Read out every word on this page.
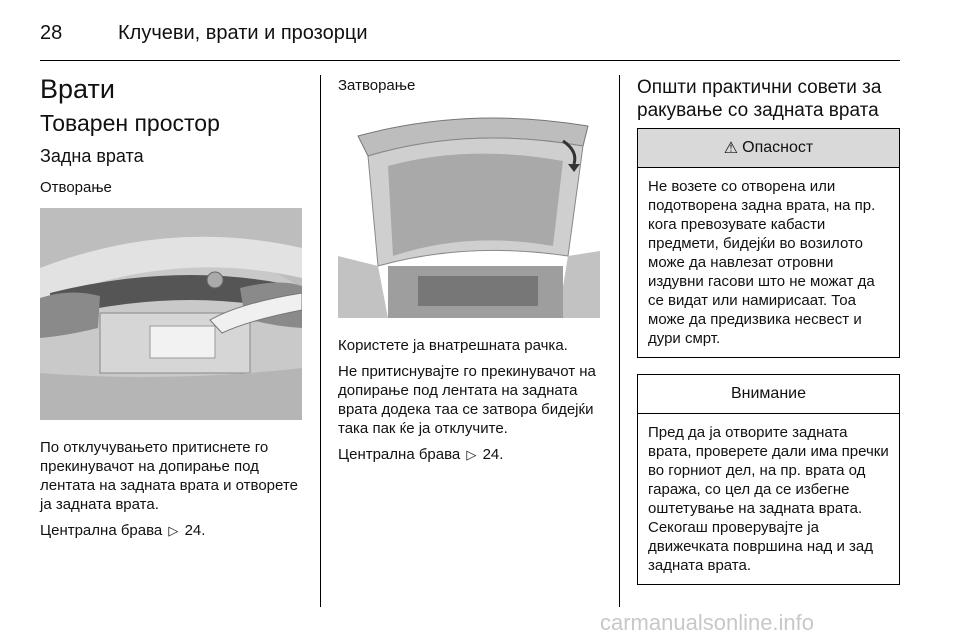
28	Клучеви, врати и прозорци
Врати
Товарен простор
Задна врата
Отворање

По отклучувањето притиснете го прекинувачот на допирање под лентата на задната врата и отворете ја задната врата.

Централна брава ▷ 24.

Затворање

Користете ја внатрешната рачка.

Не притиснувајте го прекинувачот на допирање под лентата на задната врата додека таа се затвора бидејќи така пак ќе ја отклучите.

Централна брава ▷ 24.

Општи практични совети за ракување со задната врата
⚠ Опасност
Не возете со отворена или подотворена задна врата, на пр. кога превозувате кабасти предмети, бидејќи во возилото може да навлезат отровни издувни гасови што не можат да се видат или намирисаат. Тоа може да предизвика несвест и дури смрт.
Внимание
Пред да ја отворите задната врата, проверете дали има пречки во горниот дел, на пр. врата од гаража, со цел да се избегне оштетување на задната врата. Секогаш проверувајте ја движечката површина над и зад задната врата.
carmanualsonline.info
